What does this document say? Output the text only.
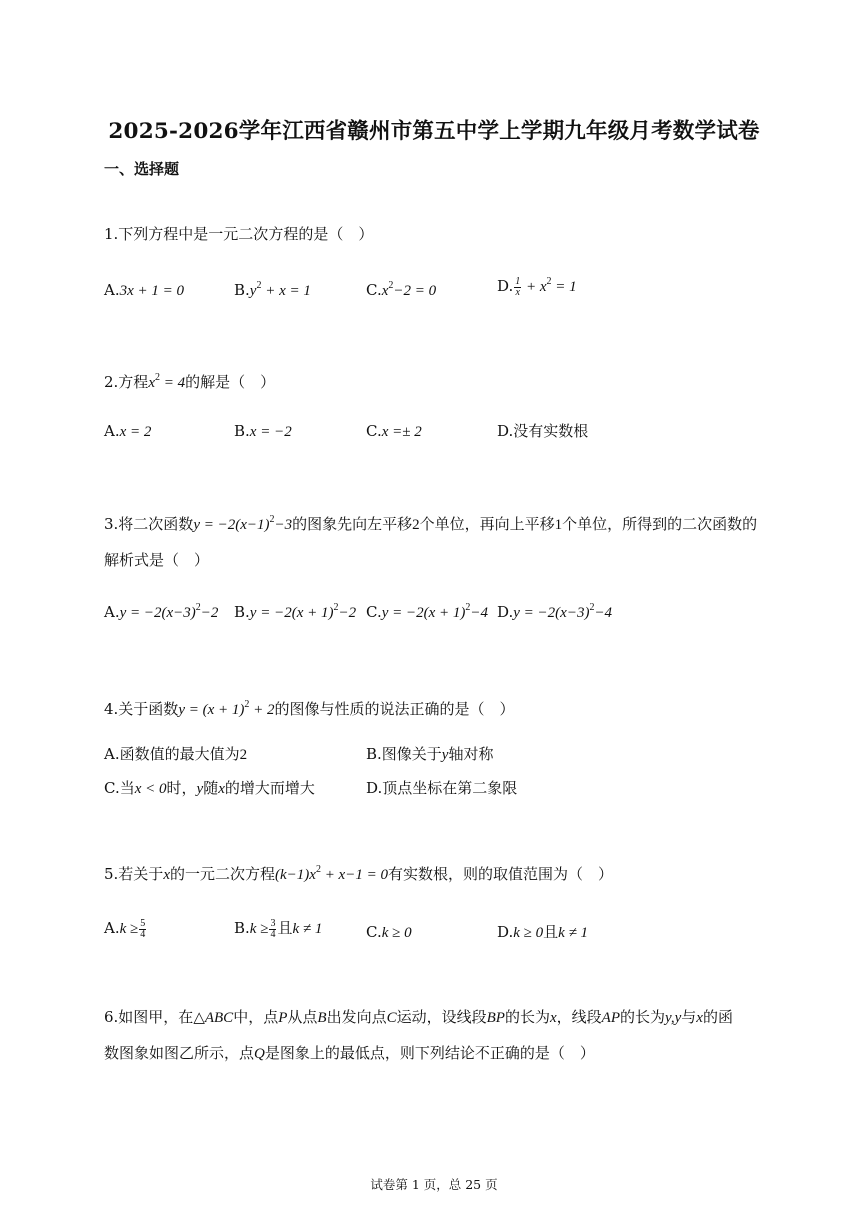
2025-2026学年江西省赣州市第五中学上学期九年级月考数学试卷
一、选择题
1.下列方程中是一元二次方程的是（　）
A.3x + 1 = 0	$B.y^2 + x = 1$	$C.x^2-2 = 0$	D. $\frac{1}{x} + x^2 = 1$
2.方程$x^2 = 4$的解是（　）
A.x = 2	B.x = −2	C.x =± 2	D.没有实数根
3.将二次函数$y = -2(x-1)^2-3$的图象先向左平移2个单位，再向上平移1个单位，所得到的二次函数的
解析式是（　）
$A.y = -2(x-3)^2-2$ $B.y = -2(x + 1)^2-2$ $C.y = -2(x + 1)^2-4$ $D.y = -2(x-3)^2-4$
4.关于函数$y = (x + 1)^2 + 2$的图像与性质的说法正确的是（　）
A.函数值的最大值为2	B.图像关于y轴对称
C.当x < 0时，y随x的增大而增大	D.顶点坐标在第二象限
5.若关于x的一元二次方程$(k-1)x^2 + x-1 = 0$有实数根，则的取值范围为（　）
$A.k \ge \frac{5}{4}$	$B.k \ge \frac{3}{4}$ 且k ≠ 1	C.k ≥ 0	D.k ≥ 0且k ≠ 1
6.如图甲，在△ABC中，点P从点B出发向点C运动，设线段BP的长为x，线段AP的长为y,y与x的函
数图象如图乙所示，点Q是图象上的最低点，则下列结论不正确的是（　）
试卷第 1 页，总 25 页
